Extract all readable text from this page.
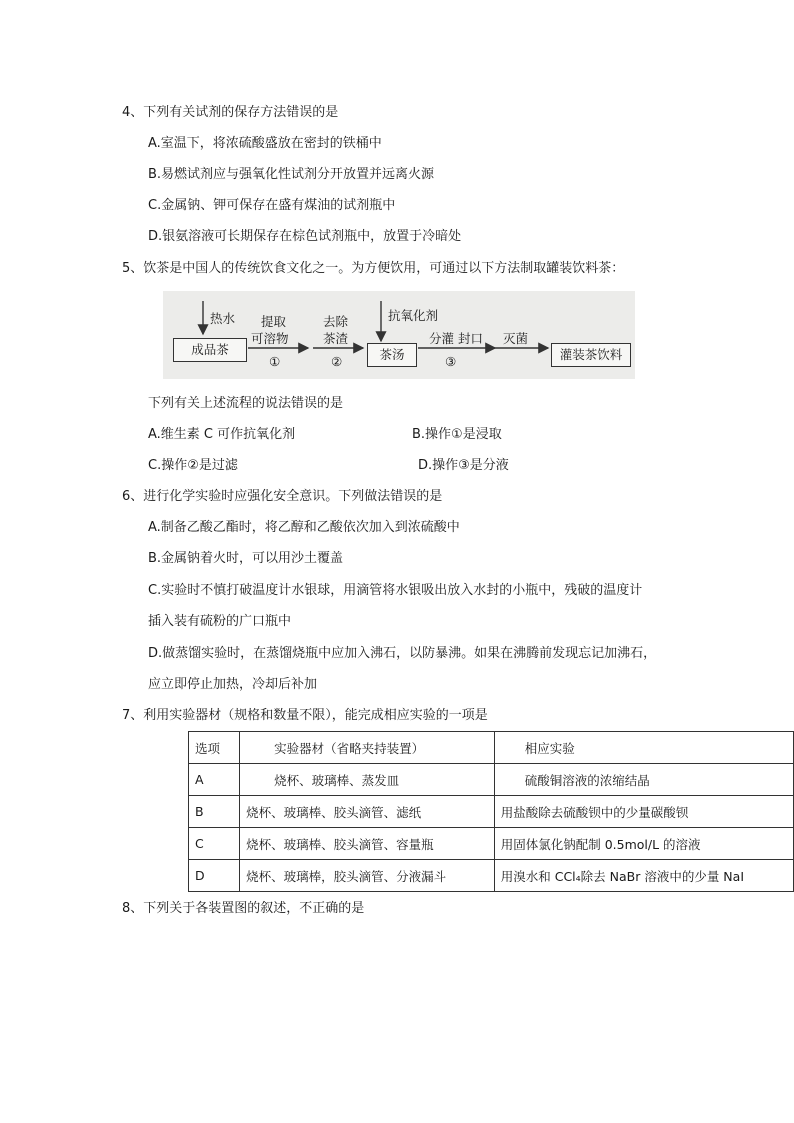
4、下列有关试剂的保存方法错误的是
A.室温下，将浓硫酸盛放在密封的铁桶中
B.易燃试剂应与强氧化性试剂分开放置并远离火源
C.金属钠、钾可保存在盛有煤油的试剂瓶中
D.银氨溶液可长期保存在棕色试剂瓶中，放置于冷暗处
5、饮茶是中国人的传统饮食文化之一。为方便饮用，可通过以下方法制取罐装饮料茶：
成品茶
热水 提取
可溶物
①
去除
茶渣
②
抗氧化剂
茶汤
分灌 封口
③
灭菌
灌装茶饮料
下列有关上述流程的说法错误的是
A.维生素 C 可作抗氧化剂	B.操作①是浸取
C.操作②是过滤	D.操作③是分液
6、进行化学实验时应强化安全意识。下列做法错误的是
A.制备乙酸乙酯时，将乙醇和乙酸依次加入到浓硫酸中
B.金属钠着火时，可以用沙土覆盖
C.实验时不慎打破温度计水银球，用滴管将水银吸出放入水封的小瓶中，残破的温度计
插入装有硫粉的广口瓶中
D.做蒸馏实验时，在蒸馏烧瓶中应加入沸石，以防暴沸。如果在沸腾前发现忘记加沸石，
应立即停止加热，冷却后补加
7、利用实验器材（规格和数量不限），能完成相应实验的一项是
选项	实验器材（省略夹持装置）	相应实验
A	烧杯、玻璃棒、蒸发皿	硫酸铜溶液的浓缩结晶
B	烧杯、玻璃棒、胶头滴管、滤纸	用盐酸除去硫酸钡中的少量碳酸钡
C	烧杯、玻璃棒、胶头滴管、容量瓶	用固体氯化钠配制 0.5mol/L 的溶液
D	烧杯、玻璃棒，胶头滴管、分液漏斗	用溴水和 CCl₄除去 NaBr 溶液中的少量 NaI
8、下列关于各装置图的叙述，不正确的是
